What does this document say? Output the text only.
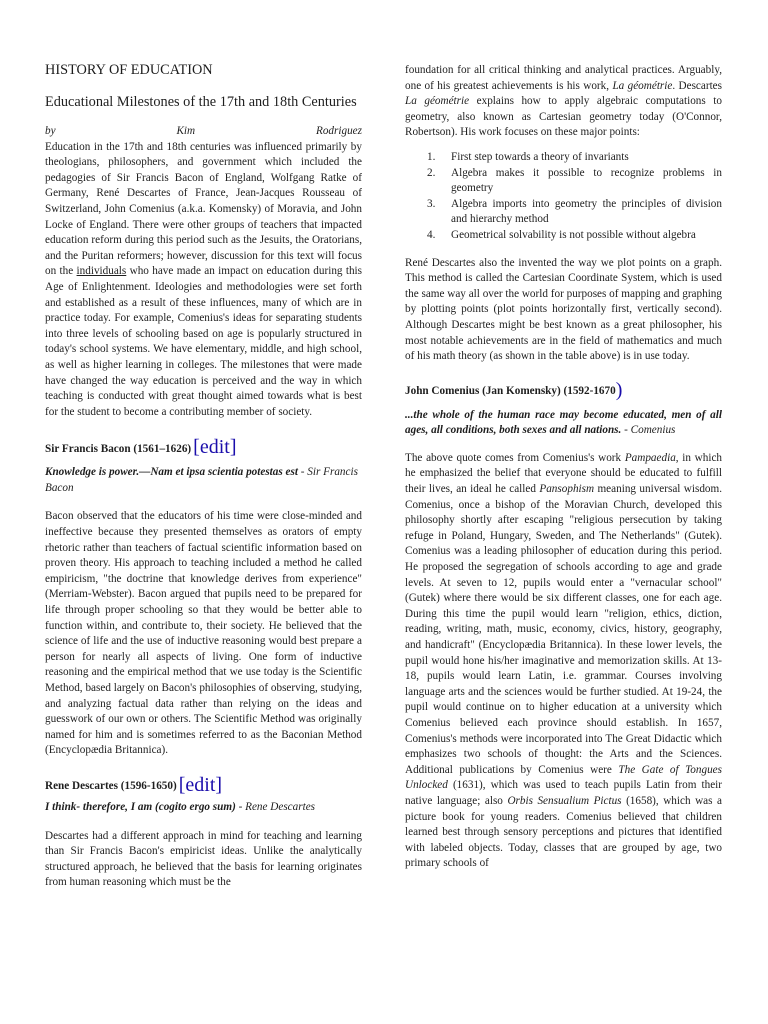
HISTORY OF EDUCATION
Educational Milestones of the 17th and 18th Centuries
by	Kim	Rodriguez

Education in the 17th and 18th centuries was influenced primarily by theologians, philosophers, and government which included the pedagogies of Sir Francis Bacon of England, Wolfgang Ratke of Germany, René Descartes of France, Jean-Jacques Rousseau of Switzerland, John Comenius (a.k.a. Komensky) of Moravia, and John Locke of England. There were other groups of teachers that impacted education reform during this period such as the Jesuits, the Oratorians, and the Puritan reformers; however, discussion for this text will focus on the individuals who have made an impact on education during this Age of Enlightenment. Ideologies and methodologies were set forth and established as a result of these influences, many of which are in practice today. For example, Comenius's ideas for separating students into three levels of schooling based on age is popularly structured in today's school systems. We have elementary, middle, and high school, as well as higher learning in colleges. The milestones that were made have changed the way education is perceived and the way in which teaching is conducted with great thought aimed towards what is best for the student to become a contributing member of society.

Sir Francis Bacon (1561–1626) [ edit ]

Knowledge is power.—Nam et ipsa scientia potestas est - Sir Francis Bacon

Bacon observed that the educators of his time were close-minded and ineffective because they presented themselves as orators of empty rhetoric rather than teachers of factual scientific information based on proven theory. His approach to teaching included a method he called empiricism, "the doctrine that knowledge derives from experience" (Merriam-Webster). Bacon argued that pupils need to be prepared for life through proper schooling so that they would be better able to function within, and contribute to, their society. He believed that the science of life and the use of inductive reasoning would best prepare a person for nearly all aspects of living. One form of inductive reasoning and the empirical method that we use today is the Scientific Method, based largely on Bacon's philosophies of observing, studying, and analyzing factual data rather than relying on the ideas and guesswork of our own or others. The Scientific Method was originally named for him and is sometimes referred to as the Baconian Method (Encyclopædia Britannica).

Rene Descartes (1596-1650) [ edit ]

I think- therefore, I am (cogito ergo sum) - Rene Descartes

Descartes had a different approach in mind for teaching and learning than Sir Francis Bacon's empiricist ideas. Unlike the analytically structured approach, he believed that the basis for learning originates from human reasoning which must be the

foundation for all critical thinking and analytical practices. Arguably, one of his greatest achievements is his work, La géométrie. Descartes La géométrie explains how to apply algebraic computations to geometry, also known as Cartesian geometry today (O'Connor, Robertson). His work focuses on these major points:

1. First step towards a theory of invariants
2. Algebra makes it possible to recognize problems in geometry
3. Algebra imports into geometry the principles of division and hierarchy method
4. Geometrical solvability is not possible without algebra

René Descartes also the invented the way we plot points on a graph. This method is called the Cartesian Coordinate System, which is used the same way all over the world for purposes of mapping and graphing by plotting points (plot points horizontally first, vertically second). Although Descartes might be best known as a great philosopher, his most notable achievements are in the field of mathematics and much of his math theory (as shown in the table above) is in use today.

John Comenius (Jan Komensky) (1592-1670 )

...the whole of the human race may become educated, men of all ages, all conditions, both sexes and all nations. - Comenius

The above quote comes from Comenius's work Pampaedia, in which he emphasized the belief that everyone should be educated to fulfill their lives, an ideal he called Pansophism meaning universal wisdom. Comenius, once a bishop of the Moravian Church, developed this philosophy shortly after escaping "religious persecution by taking refuge in Poland, Hungary, Sweden, and The Netherlands" (Gutek). Comenius was a leading philosopher of education during this period. He proposed the segregation of schools according to age and grade levels. At seven to 12, pupils would enter a "vernacular school" (Gutek) where there would be six different classes, one for each age. During this time the pupil would learn "religion, ethics, diction, reading, writing, math, music, economy, civics, history, geography, and handicraft" (Encyclopædia Britannica). In these lower levels, the pupil would hone his/her imaginative and memorization skills. At 13-18, pupils would learn Latin, i.e. grammar. Courses involving language arts and the sciences would be further studied. At 19-24, the pupil would continue on to higher education at a university which Comenius believed each province should establish. In 1657, Comenius's methods were incorporated into The Great Didactic which emphasizes two schools of thought: the Arts and the Sciences. Additional publications by Comenius were The Gate of Tongues Unlocked (1631), which was used to teach pupils Latin from their native language; also Orbis Sensualium Pictus (1658), which was a picture book for young readers. Comenius believed that children learned best through sensory perceptions and pictures that identified with labeled objects. Today, classes that are grouped by age, two primary schools of
